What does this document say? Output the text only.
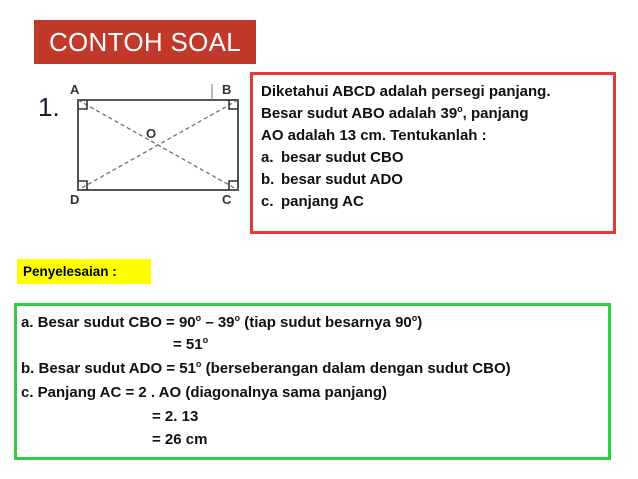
CONTOH SOAL
1.
A	B
C
D
O
Diketahui ABCD adalah persegi panjang.
Besar sudut ABO adalah 39$^o$, panjang
AO adalah 13 cm. Tentukanlah :
a. besar sudut CBO
b. besar sudut ADO
c. panjang AC
Penyelesaian :
a. Besar sudut CBO = $90^o - 39^o$ (tiap sudut besarnya $90^o$)
= $51^o$
b. Besar sudut ADO = $51^o$ (berseberangan dalam dengan sudut CBO)
c. Panjang AC = 2 . AO (diagonalnya sama panjang)
= 2. 13
= 26 cm
